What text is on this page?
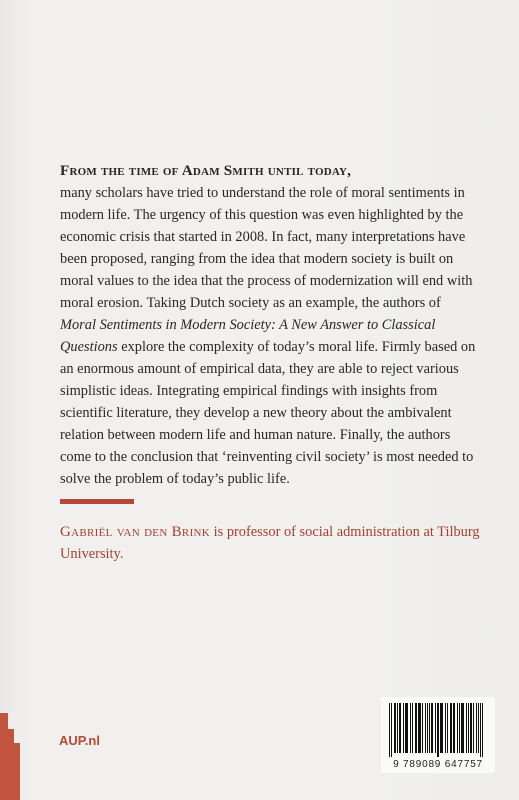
From the time of Adam Smith until today,
many scholars have tried to understand the role of moral sentiments in modern life. The urgency of this question was even highlighted by the economic crisis that started in 2008. In fact, many interpretations have been proposed, ranging from the idea that modern society is built on moral values to the idea that the process of modernization will end with moral erosion. Taking Dutch society as an example, the authors of Moral Sentiments in Modern Society: A New Answer to Classical Questions explore the complexity of today’s moral life. Firmly based on an enormous amount of empirical data, they are able to reject various simplistic ideas. Integrating empirical findings with insights from scientific literature, they develop a new theory about the ambivalent relation between modern life and human nature. Finally, the authors come to the conclusion that ‘reinventing civil society’ is most needed to solve the problem of today’s public life.
Gabriël van den Brink is professor of social administration at Tilburg University.
AUP.nl
9 789089 647757
